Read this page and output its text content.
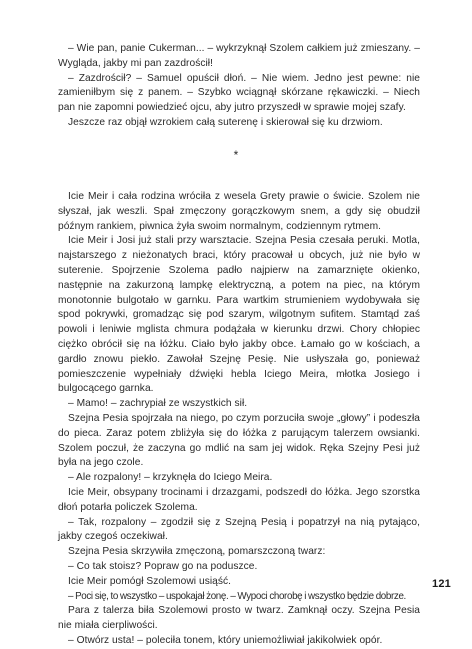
– Wie pan, panie Cukerman... – wykrzyknął Szolem całkiem już zmieszany. – Wygląda, jakby mi pan zazdrościł!

– Zazdrościł? – Samuel opuścił dłoń. – Nie wiem. Jedno jest pewne: nie zamieniłbym się z panem. – Szybko wciągnął skórzane rękawiczki. – Niech pan nie zapomni powiedzieć ojcu, aby jutro przyszedł w sprawie mojej szafy.

Jeszcze raz objął wzrokiem całą suterenę i skierował się ku drzwiom.

*

Icie Meir i cała rodzina wróciła z wesela Grety prawie o świcie. Szolem nie słyszał, jak weszli. Spał zmęczony gorączkowym snem, a gdy się obudził późnym rankiem, piwnica żyła swoim normalnym, codziennym rytmem.

Icie Meir i Josi już stali przy warsztacie. Szejna Pesia czesała peruki. Motla, najstarszego z nieżonatych braci, który pracował u obcych, już nie było w suterenie. Spojrzenie Szolema padło najpierw na zamarznięte okienko, następnie na zakurzoną lampkę elektryczną, a potem na piec, na którym monotonnie bulgotało w garnku. Para wartkim strumieniem wydobywała się spod pokrywki, gromadząc się pod szarym, wilgotnym sufitem. Stamtąd zaś powoli i leniwie mglista chmura podążała w kierunku drzwi. Chory chłopiec ciężko obrócił się na łóżku. Ciało było jakby obce. Łamało go w kościach, a gardło znowu piekło. Zawołał Szejnę Pesię. Nie usłyszała go, ponieważ pomieszczenie wypełniały dźwięki hebla Iciego Meira, młotka Josiego i bulgocącego garnka.

– Mamo! – zachrypiał ze wszystkich sił.

Szejna Pesia spojrzała na niego, po czym porzuciła swoje „głowy” i podeszła do pieca. Zaraz potem zbliżyła się do łóżka z parującym talerzem owsianki. Szolem poczuł, że zaczyna go mdlić na sam jej widok. Ręka Szejny Pesi już była na jego czole.

– Ale rozpalony! – krzyknęła do Iciego Meira.

Icie Meir, obsypany trocinami i drzazgami, podszedł do łóżka. Jego szorstka dłoń potarła policzek Szolema.

– Tak, rozpalony – zgodził się z Szejną Pesią i popatrzył na nią pytająco, jakby czegoś oczekiwał.

Szejna Pesia skrzywiła zmęczoną, pomarszczoną twarz:

– Co tak stoisz? Popraw go na poduszce.

Icie Meir pomógł Szolemowi usiąść.

– Poci się, to wszystko – uspokajał żonę. – Wypoci chorobę i wszystko będzie dobrze.

Para z talerza biła Szolemowi prosto w twarz. Zamknął oczy. Szejna Pesia nie miała cierpliwości.

– Otwórz usta! – poleciła tonem, który uniemożliwiał jakikolwiek opór.

121
